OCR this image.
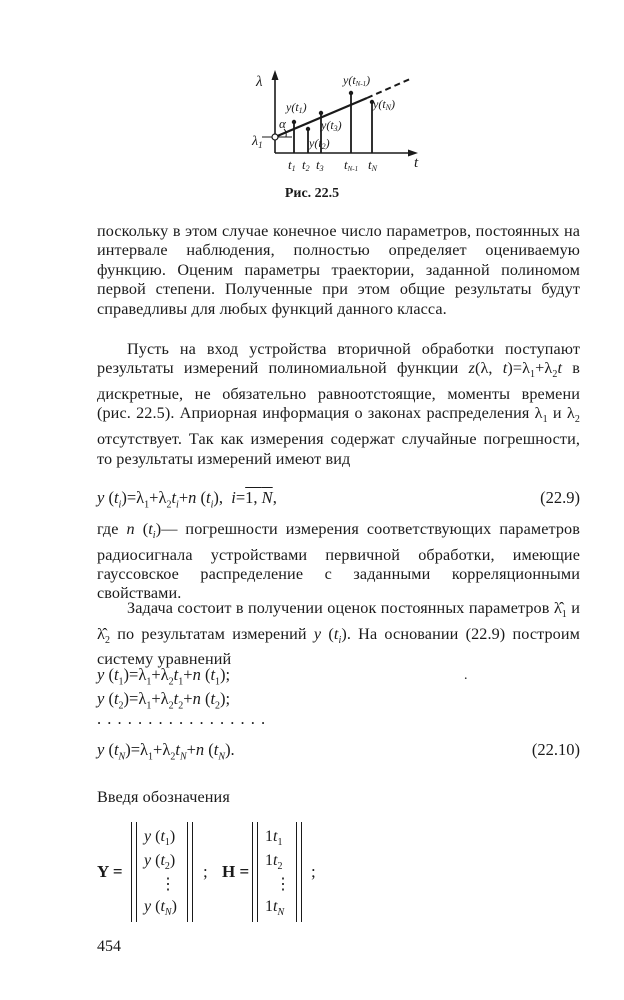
λ
t
$\lambda_1$
α
y(t1)
y(t2)
y(t3)
y(tN-1)
y(tN)
t1 t2 t3 tN-1 tN
Рис. 22.5

поскольку в этом случае конечное число параметров, постоянных на интервале наблюдения, полностью определяет оцениваемую функцию. Оценим параметры траектории, заданной полиномом первой степени. Полученные при этом общие результаты будут справедливы для любых функций данного класса.

Пусть на вход устройства вторичной обработки поступают результаты измерений полиномиальной функции z(λ, $t)=\lambda_1+\lambda_2t$ в дискретные, не обязательно равноотстоящие, моменты времени (рис. 22.5). Априорная информация о законах распределения $\lambda_1$ и $\lambda_2$ отсутствует. Так как измерения содержат случайные погрешности, то результаты измерений имеют вид

y $(t_i)=\lambda_1+\lambda_2t_i+n$ $(t_i)$,  i=1, N,	(22.9)

где n $(t_i)—$ погрешности измерения соответствующих параметров радиосигнала устройствами первичной обработки, имеющие гауссовское распределение с заданными корреляционными свойствами.

Задача состоит в получении оценок постоянных параметров $\lambdâ_1$ и $\lambdâ_2$ по результатам измерений y $(t_i)$. На основании (22.9) построим систему уравнений

y $(t_1)=\lambda_1+\lambda_2t_1+n$ $(t_1)$;	.
y $(t_2)=\lambda_1+\lambda_2t_2+n$ $(t_2)$;
. . . . . . . . . . . . . . . . .
y $(t_N)=\lambda_1+\lambda_2t_N+n$ $(t_N)$.	(22.10)
Введя обозначения
Y =
y $(t_1)$
y $(t_2)$
⋮
y $(t_N)$
; H =
$1t_1$
$1t_2$
⋮
$1t_N$
;
454
